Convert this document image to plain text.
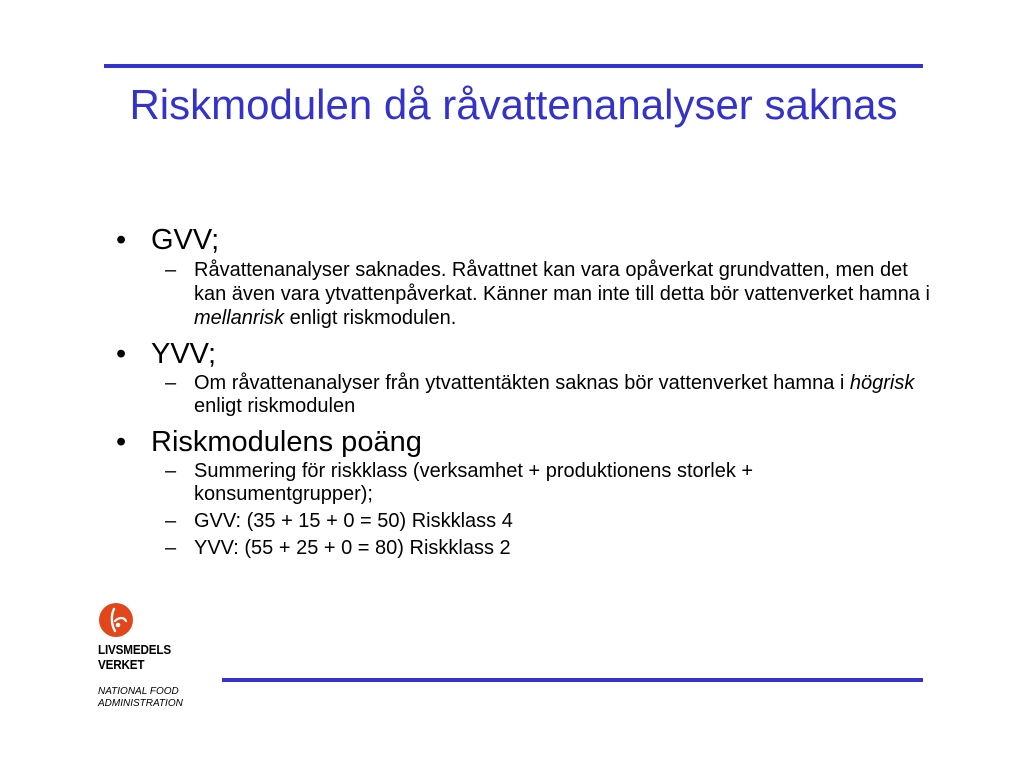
Riskmodulen då råvattenanalyser saknas
• GVV;
– Råvattenanalyser saknades. Råvattnet kan vara opåverkat grundvatten, men det kan även vara ytvattenpåverkat. Känner man inte till detta bör vattenverket hamna i mellanrisk enligt riskmodulen.
• YVV;
– Om råvattenanalyser från ytvattentäkten saknas bör vattenverket hamna i högrisk enligt riskmodulen
• Riskmodulens poäng
– Summering för riskklass (verksamhet + produktionens storlek + konsumentgrupper);
– GVV: (35 + 15 + 0 = 50) Riskklass 4
– YVV: (55 + 25 + 0 = 80) Riskklass 2
LIVSMEDELS
VERKET
NATIONAL FOOD
ADMINISTRATION
